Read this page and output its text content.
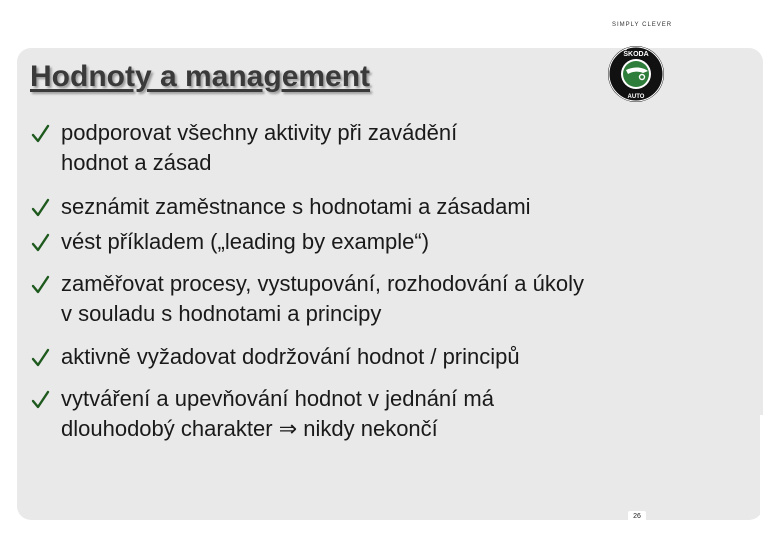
SIMPLY CLEVER
Hodnoty a management
ŠKODA
AUTO
podporovat všechny aktivity při zavádění
hodnot a zásad
seznámit zaměstnance s hodnotami a zásadami
vést příkladem („leading by example“)
zaměřovat procesy, vystupování, rozhodování a úkoly
v souladu s hodnotami a principy
aktivně vyžadovat dodržování hodnot / principů
vytváření a upevňování hodnot v jednání má
dlouhodobý charakter ⇒ nikdy nekončí
26
